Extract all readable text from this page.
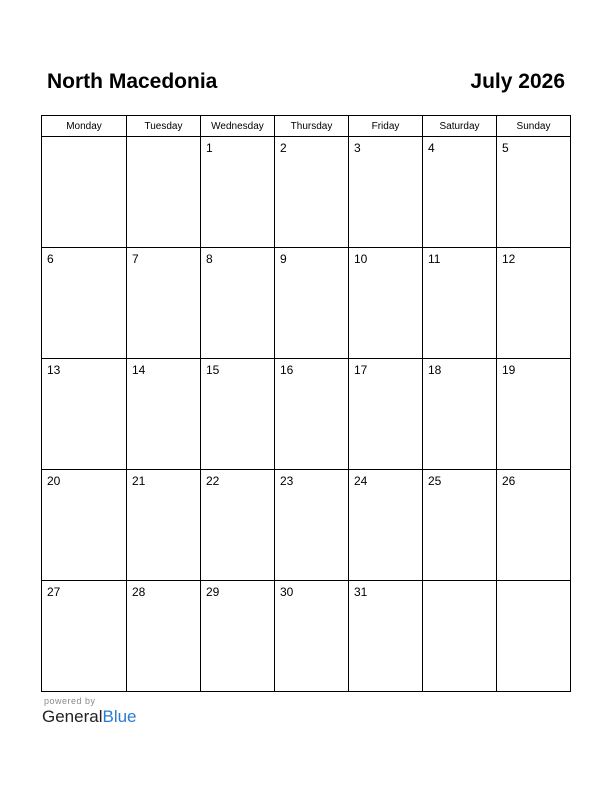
North Macedonia	July 2026
Monday	Tuesday	Wednesday	Thursday	Friday	Saturday	Sunday

		1	2	3	4	5

6	7	8	9	10	11	12

13	14	15	16	17	18	19

20	21	22	23	24	25	26

27	28	29	30	31		

powered by
GeneralBlue
